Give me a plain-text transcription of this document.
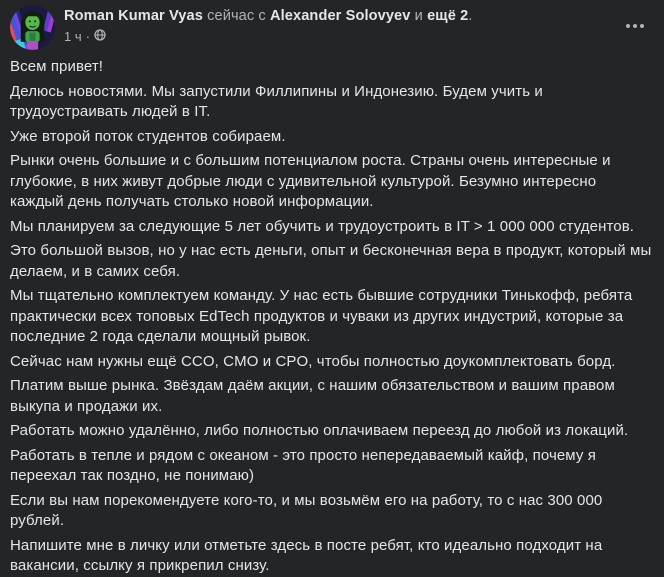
Roman Kumar Vyas сейчас с Alexander Solovyev и ещё 2.
1 ч ·

Всем привет!

Делюсь новостями. Мы запустили Филлипины и Индонезию. Будем учить и трудоустраивать людей в IT.

Уже второй поток студентов собираем.

Рынки очень большие и с большим потенциалом роста. Страны очень интересные и глубокие, в них живут добрые люди с удивительной культурой. Безумно интересно каждый день получать столько новой информации.

Мы планируем за следующие 5 лет обучить и трудоустроить в IT > 1 000 000 студентов.

Это большой вызов, но у нас есть деньги, опыт и бесконечная вера в продукт, который мы делаем, и в самих себя.

Мы тщательно комплектуем команду. У нас есть бывшие сотрудники Тинькофф, ребята практически всех топовых EdTech продуктов и чуваки из других индустрий, которые за последние 2 года сделали мощный рывок.

Сейчас нам нужны ещё CCO, CMO и CPO, чтобы полностью доукомплектовать борд.

Платим выше рынка. Звёздам даём акции, с нашим обязательством и вашим правом выкупа и продажи их.

Работать можно удалённо, либо полностью оплачиваем переезд до любой из локаций.

Работать в тепле и рядом с океаном - это просто непередаваемый кайф, почему я переехал так поздно, не понимаю)

Если вы нам порекомендуете кого-то, и мы возьмём его на работу, то с нас 300 000 рублей.

Напишите мне в личку или отметьте здесь в посте ребят, кто идеально подходит на вакансии, ссылку я прикрепил снизу.
